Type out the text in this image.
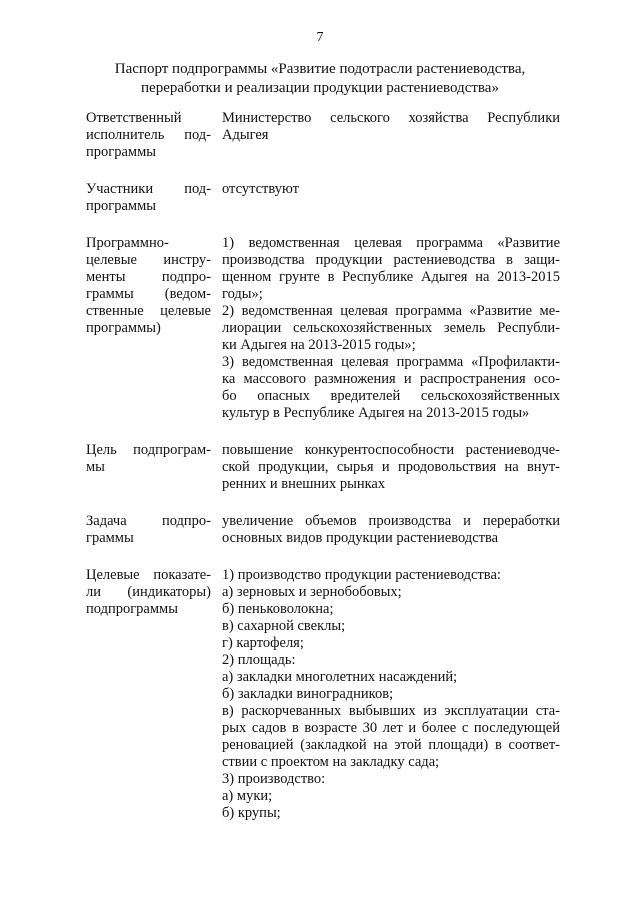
7
Паспорт подпрограммы «Развитие подотрасли растениеводства,
переработки и реализации продукции растениеводства»
Ответственный
исполнитель под-
программы
Министерство сельского хозяйства Республики
Адыгея
Участники под-
программы
отсутствуют
Программно-
целевые инстру-
менты подпро-
граммы (ведом-
ственные целевые
программы)
1) ведомственная целевая программа «Развитие
производства продукции растениеводства в защи-
щенном грунте в Республике Адыгея на 2013-2015
годы»;
2) ведомственная целевая программа «Развитие ме-
лиорации сельскохозяйственных земель Республи-
ки Адыгея на 2013-2015 годы»;
3) ведомственная целевая программа «Профилакти-
ка массового размножения и распространения осо-
бо опасных вредителей сельскохозяйственных
культур в Республике Адыгея на 2013-2015 годы»
Цель подпрограм-
мы
повышение конкурентоспособности растениеводче-
ской продукции, сырья и продовольствия на внут-
ренних и внешних рынках
Задача подпро-
граммы
увеличение объемов производства и переработки
основных видов продукции растениеводства
Целевые показате-
ли (индикаторы)
подпрограммы
1) производство продукции растениеводства:
а) зерновых и зернобобовых;
б) пеньковолокна;
в) сахарной свеклы;
г) картофеля;
2) площадь:
а) закладки многолетних насаждений;
б) закладки виноградников;
в) раскорчеванных выбывших из эксплуатации ста-
рых садов в возрасте 30 лет и более с последующей
реновацией (закладкой на этой площади) в соответ-
ствии с проектом на закладку сада;
3) производство:
а) муки;
б) крупы;
